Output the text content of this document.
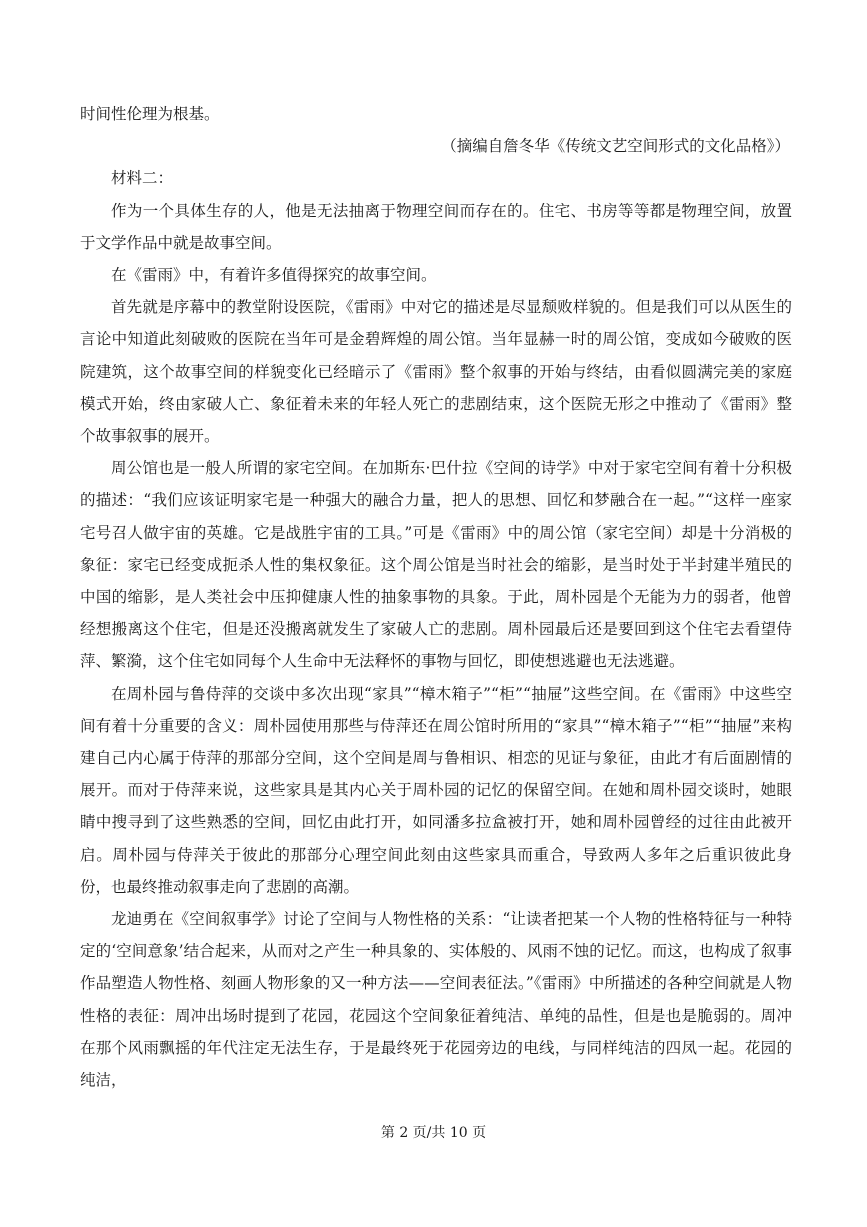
时间性伦理为根基。

（摘编自詹冬华《传统文艺空间形式的文化品格》）

材料二：

作为一个具体生存的人，他是无法抽离于物理空间而存在的。住宅、书房等等都是物理空间，放置于文学作品中就是故事空间。

在《雷雨》中，有着许多值得探究的故事空间。

首先就是序幕中的教堂附设医院，《雷雨》中对它的描述是尽显颓败样貌的。但是我们可以从医生的言论中知道此刻破败的医院在当年可是金碧辉煌的周公馆。当年显赫一时的周公馆，变成如今破败的医院建筑，这个故事空间的样貌变化已经暗示了《雷雨》整个叙事的开始与终结，由看似圆满完美的家庭模式开始，终由家破人亡、象征着未来的年轻人死亡的悲剧结束，这个医院无形之中推动了《雷雨》整个故事叙事的展开。

周公馆也是一般人所谓的家宅空间。在加斯东·巴什拉《空间的诗学》中对于家宅空间有着十分积极的描述：“我们应该证明家宅是一种强大的融合力量，把人的思想、回忆和梦融合在一起。”“这样一座家宅号召人做宇宙的英雄。它是战胜宇宙的工具。”可是《雷雨》中的周公馆（家宅空间）却是十分消极的象征：家宅已经变成扼杀人性的集权象征。这个周公馆是当时社会的缩影，是当时处于半封建半殖民的中国的缩影，是人类社会中压抑健康人性的抽象事物的具象。于此，周朴园是个无能为力的弱者，他曾经想搬离这个住宅，但是还没搬离就发生了家破人亡的悲剧。周朴园最后还是要回到这个住宅去看望侍萍、繁漪，这个住宅如同每个人生命中无法释怀的事物与回忆，即使想逃避也无法逃避。

在周朴园与鲁侍萍的交谈中多次出现“家具”“樟木箱子”“柜”“抽屉”这些空间。在《雷雨》中这些空间有着十分重要的含义：周朴园使用那些与侍萍还在周公馆时所用的“家具”“樟木箱子”“柜”“抽屉”来构建自己内心属于侍萍的那部分空间，这个空间是周与鲁相识、相恋的见证与象征，由此才有后面剧情的展开。而对于侍萍来说，这些家具是其内心关于周朴园的记忆的保留空间。在她和周朴园交谈时，她眼睛中搜寻到了这些熟悉的空间，回忆由此打开，如同潘多拉盒被打开，她和周朴园曾经的过往由此被开启。周朴园与侍萍关于彼此的那部分心理空间此刻由这些家具而重合，导致两人多年之后重识彼此身份，也最终推动叙事走向了悲剧的高潮。

龙迪勇在《空间叙事学》讨论了空间与人物性格的关系：“让读者把某一个人物的性格特征与一种特定的‘空间意象’结合起来，从而对之产生一种具象的、实体般的、风雨不蚀的记忆。而这，也构成了叙事作品塑造人物性格、刻画人物形象的又一种方法——空间表征法。”《雷雨》中所描述的各种空间就是人物性格的表征：周冲出场时提到了花园，花园这个空间象征着纯洁、单纯的品性，但是也是脆弱的。周冲在那个风雨飘摇的年代注定无法生存，于是最终死于花园旁边的电线，与同样纯洁的四凤一起。花园的纯洁，

第 2 页/共 10 页
